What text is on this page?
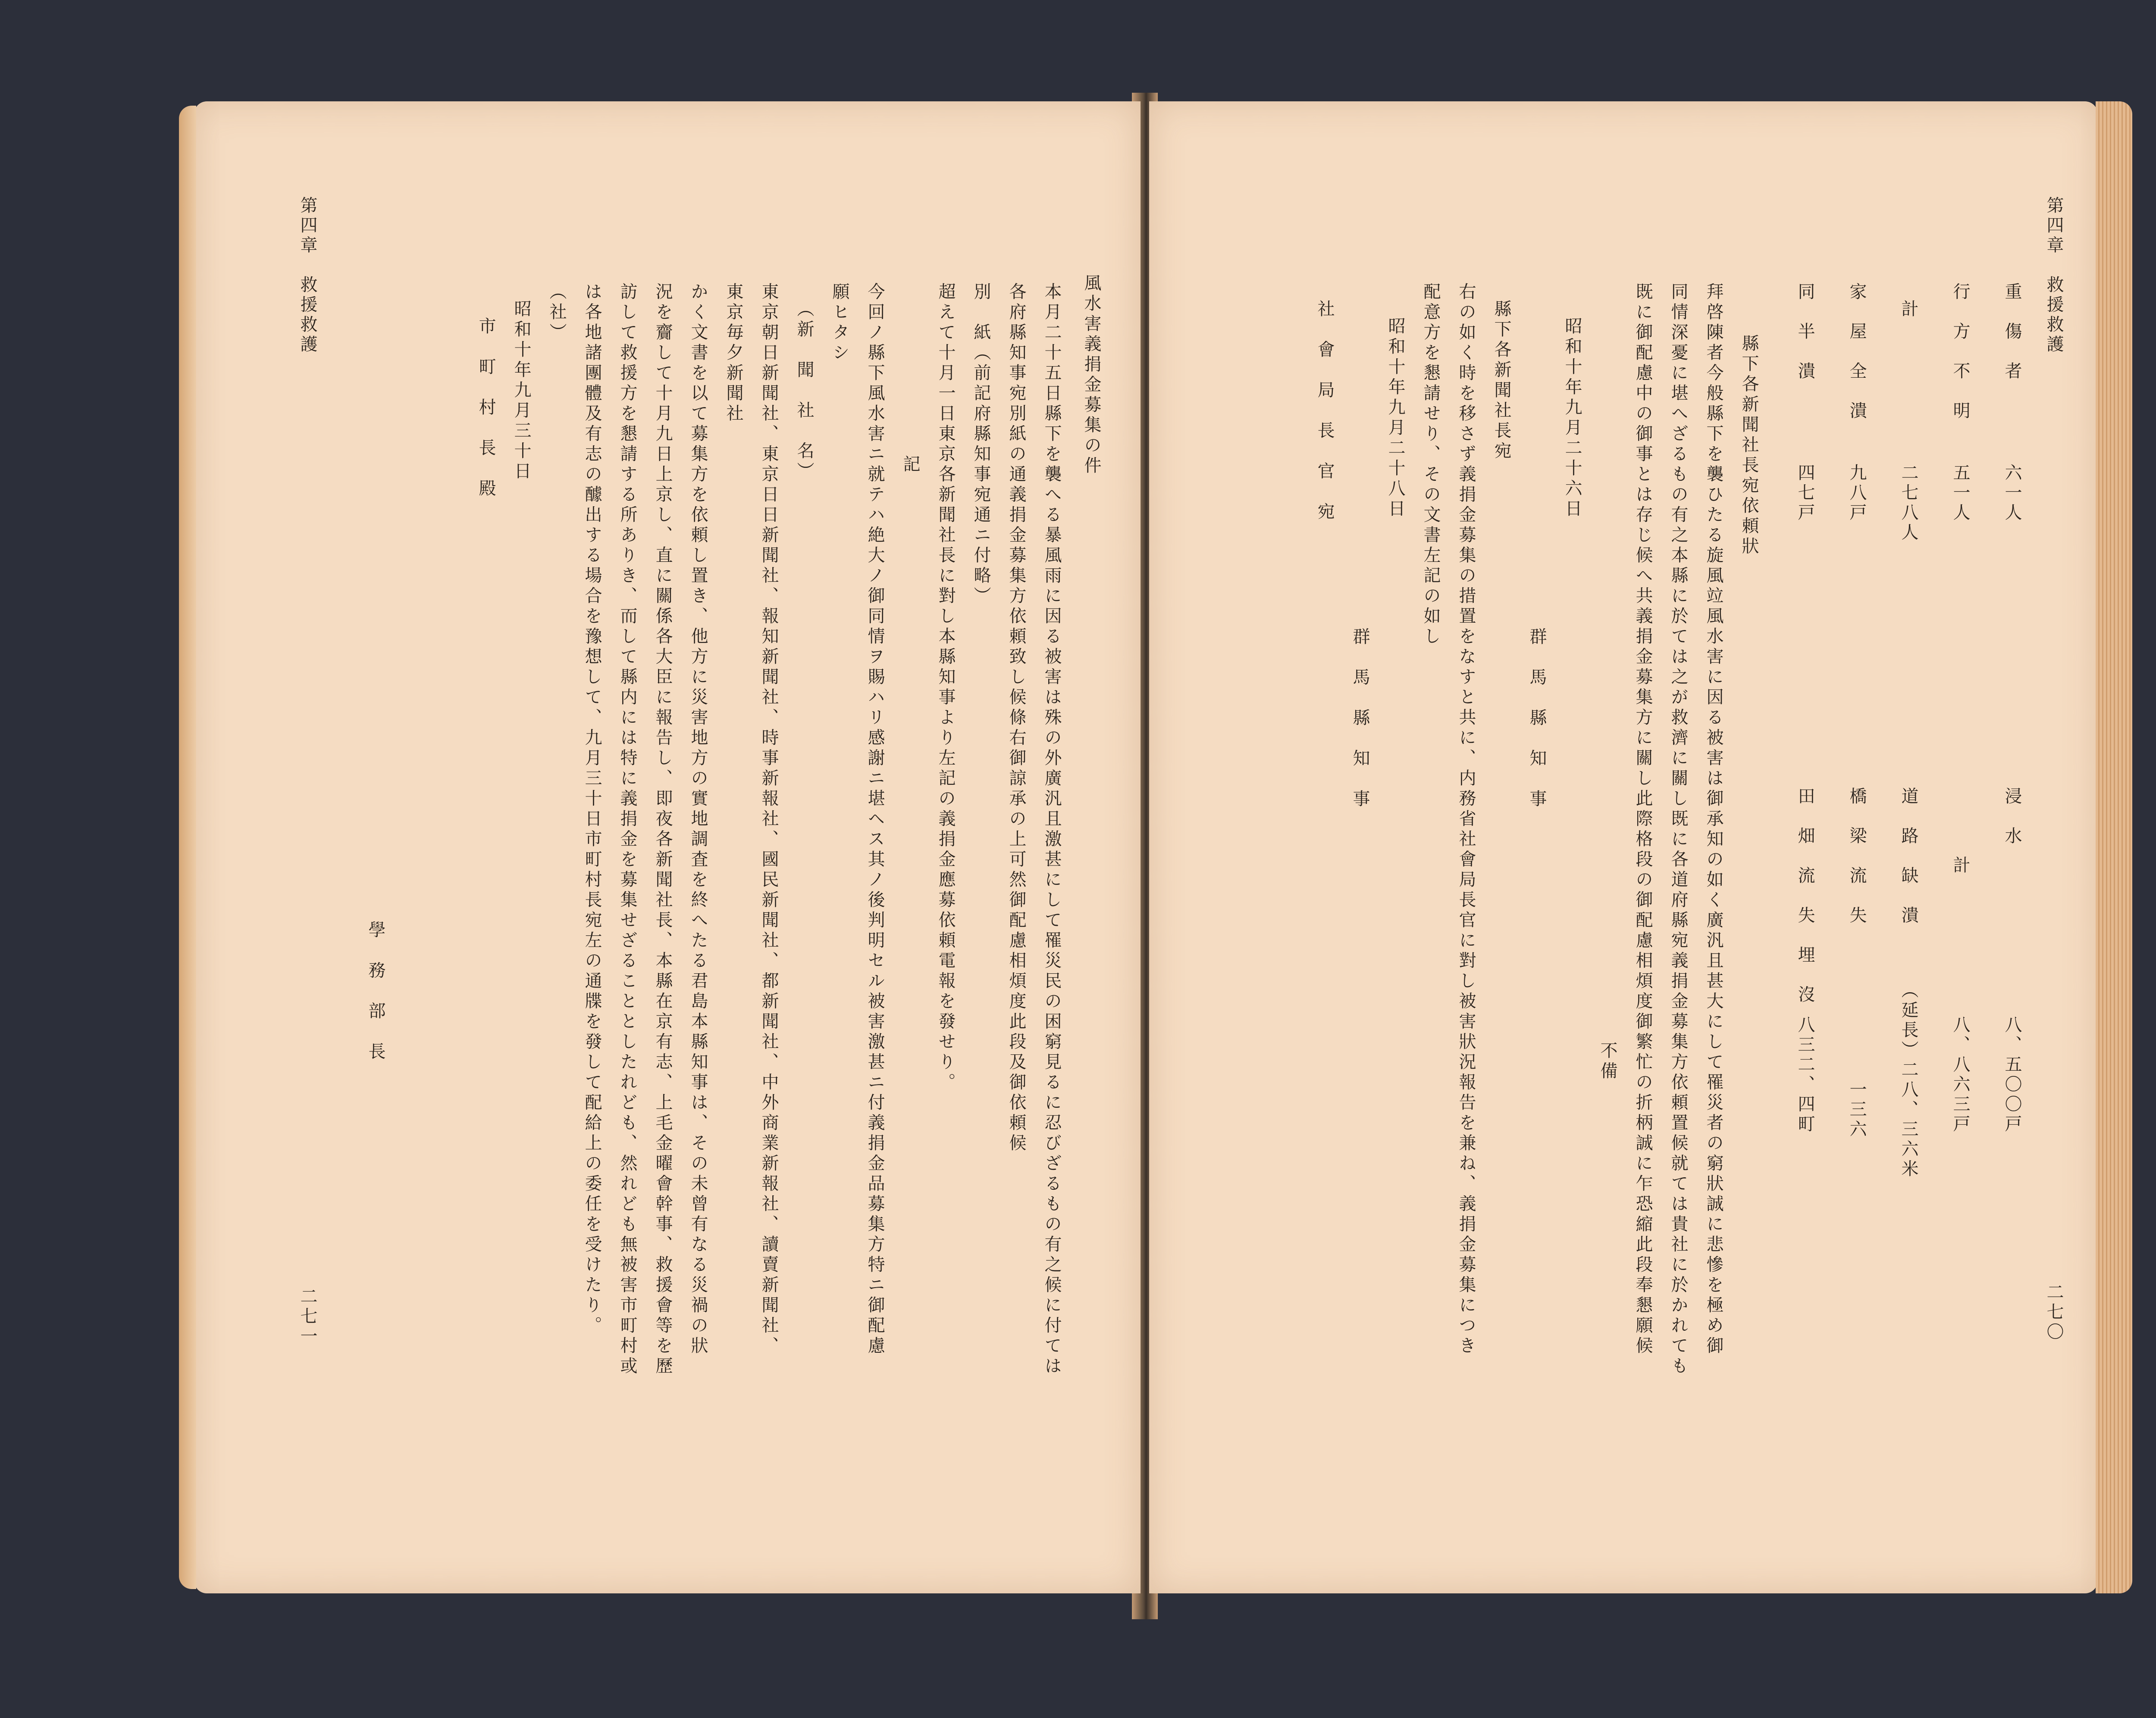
第四章　救援救護
二七一
風水害義捐金募集の件
本月二十五日縣下を襲へる暴風雨に因る被害は殊の外廣汎且激甚にして罹災民の困窮見るに忍びざるもの有之候に付ては
各府縣知事宛別紙の通義捐金募集方依頼致し候條右御諒承の上可然御配慮相煩度此段及御依頼候
別　紙（前記府縣知事宛通ニ付略）
超えて十月一日東京各新聞社長に對し本縣知事より左記の義捐金應募依頼電報を發せり。
記
今回ノ縣下風水害ニ就テハ絶大ノ御同情ヲ賜ハリ感謝ニ堪ヘス其ノ後判明セル被害激甚ニ付義捐金品募集方特ニ御配慮
願ヒタシ
（新　聞　社　名）
東京朝日新聞社、東京日日新聞社、報知新聞社、時事新報社、國民新聞社、都新聞社、中外商業新報社、讀賣新聞社、
東京毎夕新聞社
かく文書を以て募集方を依頼し置き、他方に災害地方の實地調査を終へたる君島本縣知事は、その未曾有なる災禍の狀
況を齎して十月九日上京し、直に關係各大臣に報告し、即夜各新聞社長、本縣在京有志、上毛金曜會幹事、救援會等を歷
訪して救援方を懇請する所ありき、而して縣内には特に義捐金を募集せざることとしたれども、然れども無被害市町村或
は各地諸團體及有志の醵出する場合を豫想して、九月三十日市町村長宛左の通牒を發して配給上の委任を受けたり。
（社）
昭和十年九月三十日
市　町　村　長　殿
學　務　部　長
第四章　救援救護
二七〇
重　傷　者
六一人
浸　水
八、五〇〇戸
行　方　不　明
五一人
計
八、八六三戸
計
二七八人
道　路　缺　潰
（延長）二八、三六米
家　屋　全　潰
九八戸
橋　梁　流　失
一三六
同　半　潰
四七戸
田　畑　流　失　埋　沒
八三二、四町
縣下各新聞社長宛依頼狀
拜啓陳者今般縣下を襲ひたる旋風竝風水害に因る被害は御承知の如く廣汎且甚大にして罹災者の窮狀誠に悲慘を極め御
同情深憂に堪へざるもの有之本縣に於ては之が救濟に關し既に各道府縣宛義捐金募集方依頼置候就ては貴社に於かれても
既に御配慮中の御事とは存じ候へ共義捐金募集方に關し此際格段の御配慮相煩度御繁忙の折柄誠に乍恐縮此段奉懇願候
不備
昭和十年九月二十六日
群　馬　縣　知　事
縣下各新聞社長宛
右の如く時を移さず義捐金募集の措置をなすと共に、内務省社會局長官に對し被害狀況報告を兼ね、義捐金募集につき
配意方を懇請せり、その文書左記の如し
昭和十年九月二十八日
群　馬　縣　知　事
社　會　局　長　官　宛
